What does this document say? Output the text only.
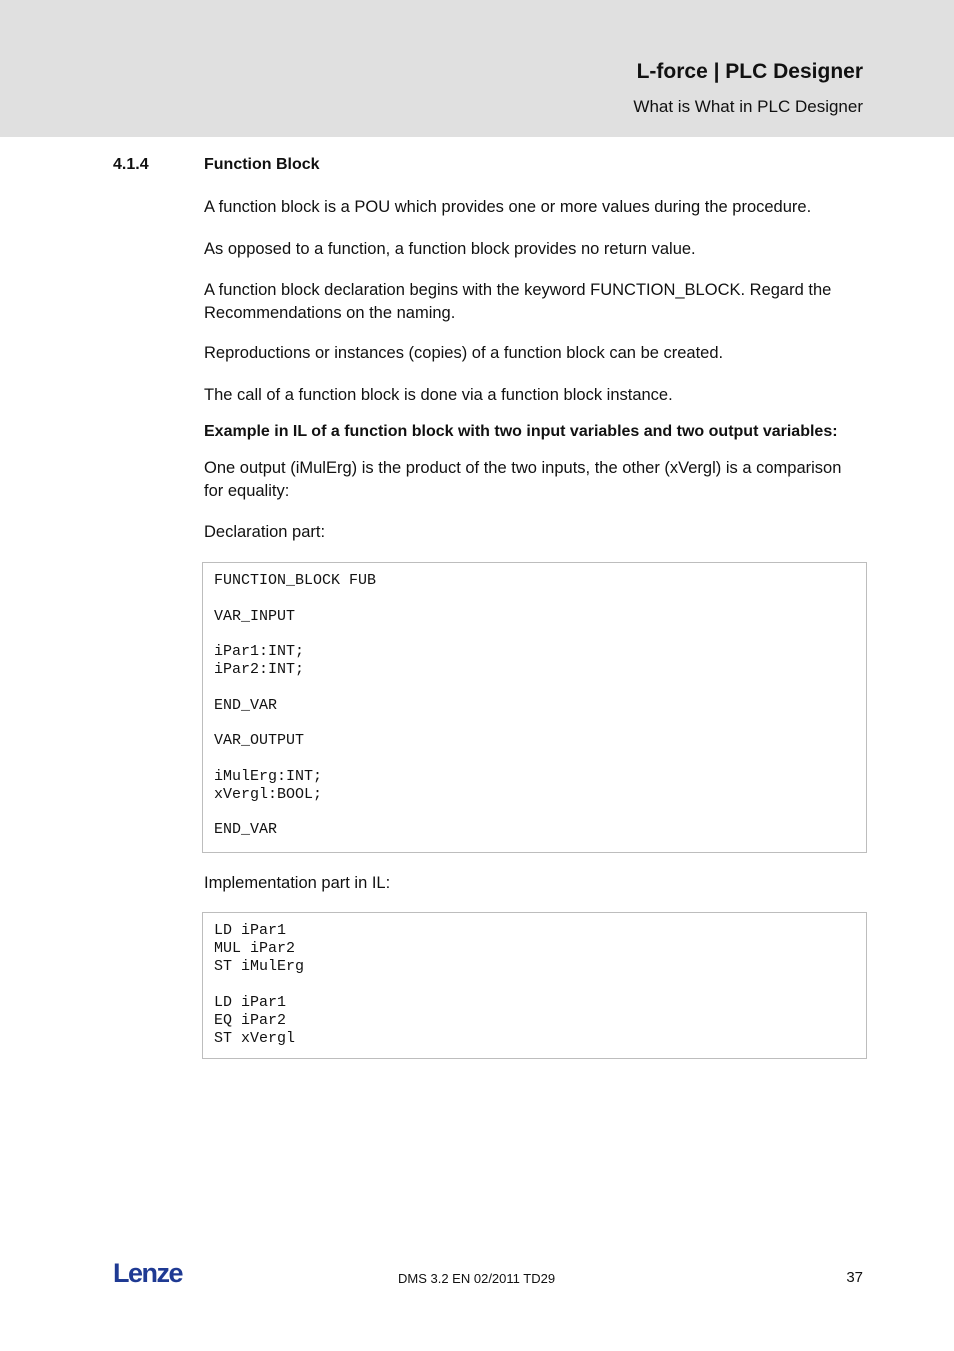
L-force | PLC Designer
What is What in PLC Designer
4.1.4	Function Block

A function block is a POU which provides one or more values during the procedure.

As opposed to a function, a function block provides no return value.

A function block declaration begins with the keyword FUNCTION_BLOCK. Regard the Recommendations on the naming.

Reproductions or instances (copies) of a function block can be created.

The call of a function block is done via a function block instance.

Example in IL of a function block with two input variables and two output variables:

One output (iMulErg) is the product of the two inputs, the other (xVergl) is a comparison for equality:

Declaration part:

FUNCTION_BLOCK FUB
VAR_INPUT
iPar1:INT;
iPar2:INT;
END_VAR
VAR_OUTPUT
iMulErg:INT;
xVergl:BOOL;
END_VAR

Implementation part in IL:

LD iPar1
MUL iPar2
ST iMulErg
LD iPar1
EQ iPar2
ST xVergl
Lenze	DMS 3.2 EN 02/2011 TD29	37
